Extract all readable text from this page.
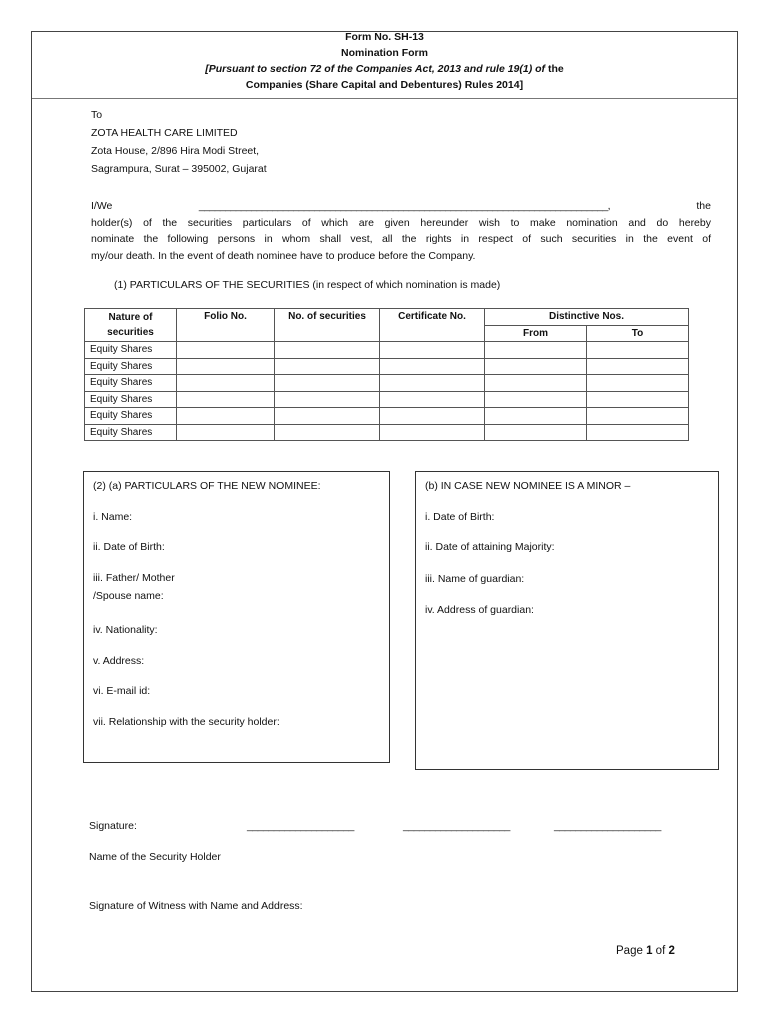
Form No. SH-13
Nomination Form
[Pursuant to section 72 of the Companies Act, 2013 and rule 19(1) of the
Companies (Share Capital and Debentures) Rules 2014]
To
ZOTA HEALTH CARE LIMITED
Zota House, 2/896 Hira Modi Street,
Sagrampura, Surat – 395002, Gujarat
I/We	______________________________________________________________________________,	the
holder(s) of the securities particulars of which are given hereunder wish to make nomination and do hereby
nominate the following persons in whom shall vest, all the rights in respect of such securities in the event of
my/our death. In the event of death nominee have to produce before the Company.
(1) PARTICULARS OF THE SECURITIES (in respect of which nomination is made)
Nature of securities	Folio No.	No. of securities	Certificate No.	Distinctive Nos.	
				From	To
Equity Shares					
Equity Shares					
Equity Shares					
Equity Shares					
Equity Shares					
Equity Shares					
(2) (a) PARTICULARS OF THE NEW NOMINEE:
i. Name:
ii. Date of Birth:
iii. Father/ Mother
/Spouse name:
iv. Nationality:
v. Address:
vi. E-mail id:
vii. Relationship with the security holder:
(b) IN CASE NEW NOMINEE IS A MINOR –
i. Date of Birth:
ii. Date of attaining Majority:
iii. Name of guardian:
iv. Address of guardian:
Signature:	____________________	____________________	____________________
Name of the Security Holder
Signature of Witness with Name and Address:
Page 1 of 2
